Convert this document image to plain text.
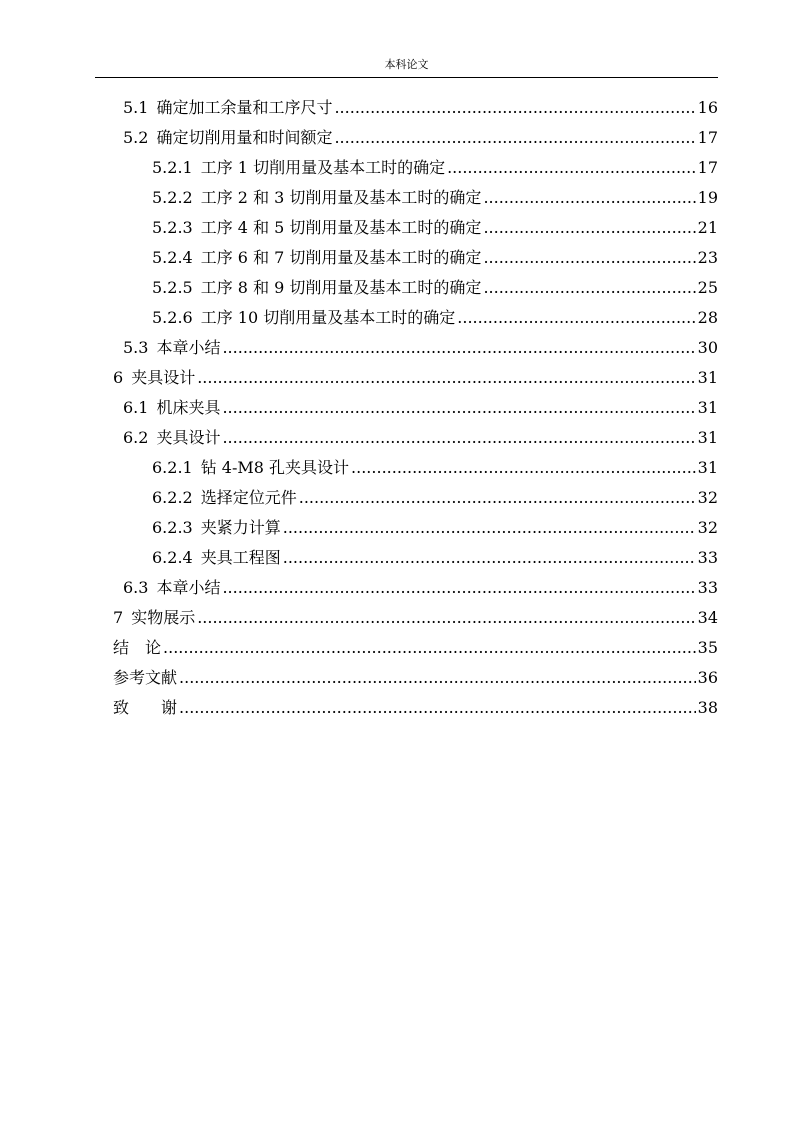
本科论文
5.1 确定加工余量和工序尺寸 .....	16
5.2 确定切削用量和时间额定 .....	17
5.2.1 工序 1 切削用量及基本工时的确定 .....	17
5.2.2 工序 2 和 3 切削用量及基本工时的确定 .....	19
5.2.3 工序 4 和 5 切削用量及基本工时的确定 .....	21
5.2.4 工序 6 和 7 切削用量及基本工时的确定 .....	23
5.2.5 工序 8 和 9 切削用量及基本工时的确定 .....	25
5.2.6 工序 10 切削用量及基本工时的确定 .....	28
5.3 本章小结 .....	30
6 夹具设计 .....	31
6.1 机床夹具 .....	31
6.2 夹具设计 .....	31
6.2.1 钻 4-M8 孔夹具设计 .....	31
6.2.2 选择定位元件 .....	32
6.2.3 夹紧力计算 .....	32
6.2.4 夹具工程图 .....	33
6.3 本章小结 .....	33
7 实物展示 .....	34
结　论 .....	35
参考文献 .....	36
致　　谢 .....	38
